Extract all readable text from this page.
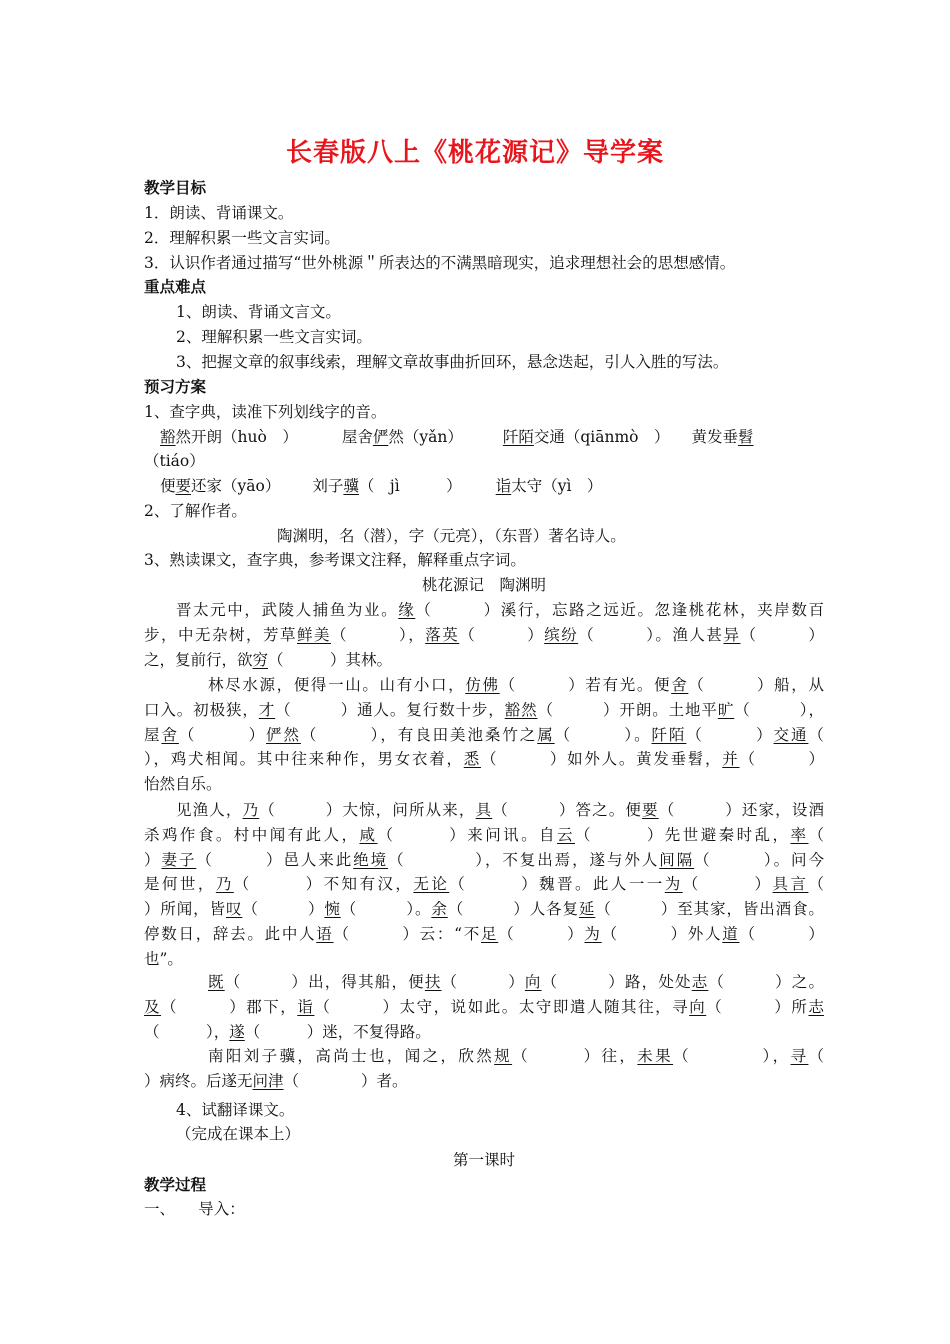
长春版八上《桃花源记》导学案
教学目标
1．朗读、背诵课文。
2．理解积累一些文言实词。
3．认识作者通过描写“世外桃源＂所表达的不满黑暗现实，追求理想社会的思想感情。
重点难点
1、朗读、背诵文言文。
2、理解积累一些文言实词。
3、把握文章的叙事线索，理解文章故事曲折回环，悬念迭起，引人入胜的写法。
预习方案
1、查字典，读准下列划线字的音。
豁然开朗（huò　）	屋舍俨然（yǎn）	阡陌交通（qiānmò　） 黄发垂髫
（tiáo）
便要还家（yāo） 刘子骥（　jì　　　） 诣太守（yì　）
2、了解作者。
陶渊明，名（潜），字（元亮），（东晋）著名诗人。
3、熟读课文，查字典，参考课文注释，解释重点字词。
桃花源记　陶渊明
晋太元中，武陵人捕鱼为业。缘（　　　）溪行，忘路之远近。忽逢桃花林，夹岸数百
步，中无杂树，芳草鲜美（　　　），落英（　　　）缤纷（　　　）。渔人甚异（　　　）
之，复前行，欲穷（　　　）其林。
林尽水源，便得一山。山有小口，仿佛（　　　）若有光。便舍（　　　）船，从
口入。初极狭，才（　　　）通人。复行数十步，豁然（　　　）开朗。土地平旷（　　　），
屋舍（　　　）俨然（　　　），有良田美池桑竹之属（　　　）。阡陌（　　　）交通（
），鸡犬相闻。其中往来种作，男女衣着，悉（　　　）如外人。黄发垂髫，并（　　　）
怡然自乐。
见渔人，乃（　　　）大惊，问所从来，具（　　　）答之。便要（　　　）还家，设酒
杀鸡作食。村中闻有此人，咸（　　　）来问讯。自云（　　　）先世避秦时乱，率（
）妻子（　　　）邑人来此绝境（　　　　），不复出焉，遂与外人间隔（　　　）。问今
是何世，乃（　　　）不知有汉，无论（　　　）魏晋。此人一一为（　　　）具言（
）所闻，皆叹（　　　）惋（　　　）。余（　　　）人各复延（　　　）至其家，皆出酒食。
停数日，辞去。此中人语（　　　）云：“不足（　　　）为（　　　）外人道（　　　）
也”。
既（　　　）出，得其船，便扶（　　　）向（　　　）路，处处志（　　　）之。
及（　　　）郡下，诣（　　　）太守，说如此。太守即遣人随其往，寻向（　　　）所志
（　　　），遂（　　　）迷，不复得路。
南阳刘子骥，高尚士也，闻之，欣然规（　　　）往，未果（　　　　），寻（
）病终。后遂无问津（　　　　）者。
4、试翻译课文。
（完成在课本上）
第一课时
教学过程
一、　　导入：
